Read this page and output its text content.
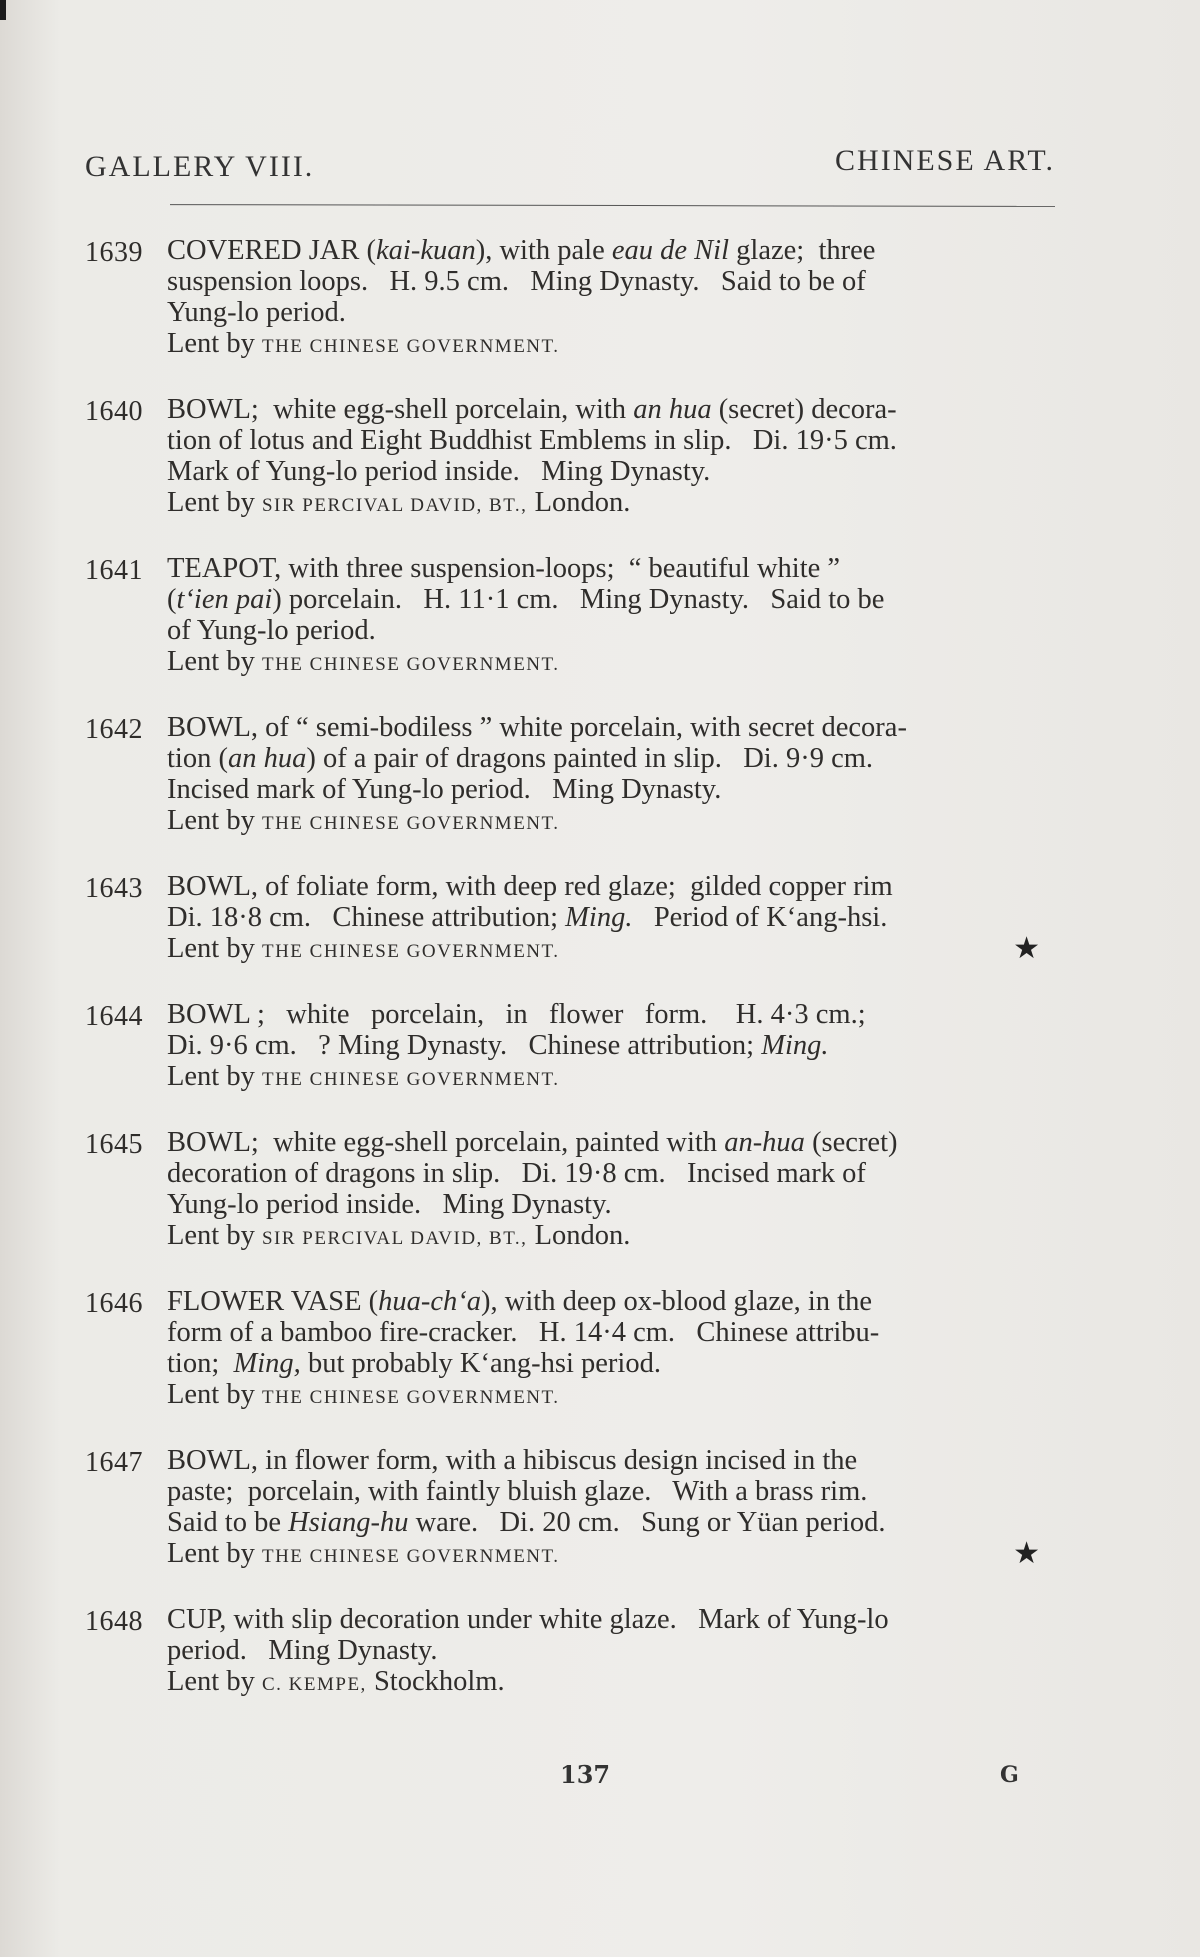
GALLERY VIII.	CHINESE ART.
1639 COVERED JAR (kai-kuan), with pale eau de Nil glaze;  three
suspension loops.   H. 9.5 cm.   Ming Dynasty.   Said to be of
Yung-lo period.
Lent by THE CHINESE GOVERNMENT.
1640 BOWL;  white egg-shell porcelain, with an hua (secret) decora-
tion of lotus and Eight Buddhist Emblems in slip.   Di. 19·5 cm.
Mark of Yung-lo period inside.   Ming Dynasty.
Lent by SIR PERCIVAL DAVID, BT., London.
1641 TEAPOT, with three suspension-loops;  “ beautiful white ”
(t‘ien pai) porcelain.   H. 11·1 cm.   Ming Dynasty.   Said to be
of Yung-lo period.
Lent by THE CHINESE GOVERNMENT.
1642 BOWL, of “ semi-bodiless ” white porcelain, with secret decora-
tion (an hua) of a pair of dragons painted in slip.   Di. 9·9 cm.
Incised mark of Yung-lo period.   Ming Dynasty.
Lent by THE CHINESE GOVERNMENT.
1643 BOWL, of foliate form, with deep red glaze;  gilded copper rim
Di. 18·8 cm.   Chinese attribution; Ming.   Period of K‘ang-hsi.
Lent by THE CHINESE GOVERNMENT.	★
1644 BOWL ;   white   porcelain,   in   flower   form.    H. 4·3 cm.;
Di. 9·6 cm.   ? Ming Dynasty.   Chinese attribution; Ming.
Lent by THE CHINESE GOVERNMENT.
1645 BOWL;  white egg-shell porcelain, painted with an-hua (secret)
decoration of dragons in slip.   Di. 19·8 cm.   Incised mark of
Yung-lo period inside.   Ming Dynasty.
Lent by SIR PERCIVAL DAVID, BT., London.
1646 FLOWER VASE (hua-ch‘a), with deep ox-blood glaze, in the
form of a bamboo fire-cracker.   H. 14·4 cm.   Chinese attribu-
tion;  Ming, but probably K‘ang-hsi period.
Lent by THE CHINESE GOVERNMENT.
1647 BOWL, in flower form, with a hibiscus design incised in the
paste;  porcelain, with faintly bluish glaze.   With a brass rim.
Said to be Hsiang-hu ware.   Di. 20 cm.   Sung or Yüan period.
Lent by THE CHINESE GOVERNMENT.	★
1648 CUP, with slip decoration under white glaze.   Mark of Yung-lo
period.   Ming Dynasty.
Lent by C. KEMPE, Stockholm.
137	G
